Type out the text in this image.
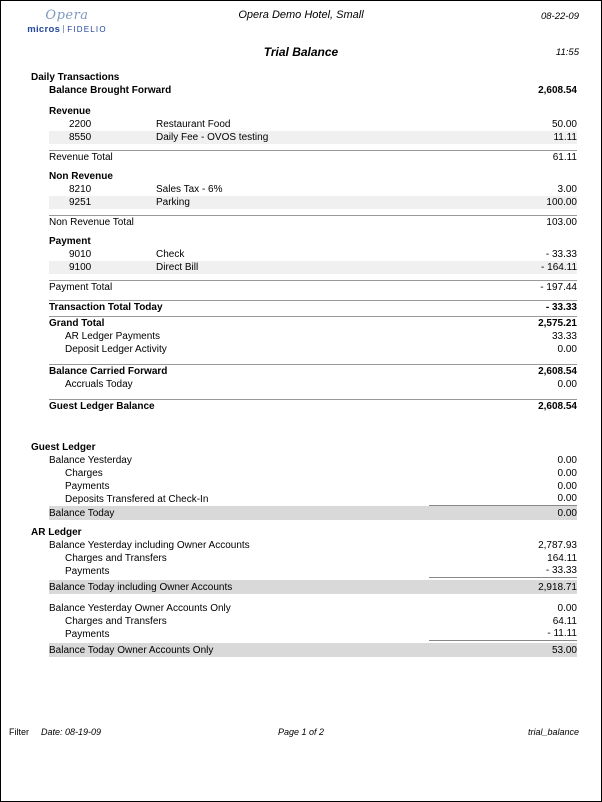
Opera
micros FIDELIO
Opera Demo Hotel, Small	08-22-09
Trial Balance	11:55
Daily Transactions
Balance Brought Forward	2,608.54
Revenue
2200	Restaurant Food	50.00
8550	Daily Fee - OVOS testing	11.11
Revenue Total	61.11
Non Revenue
8210	Sales Tax - 6%	3.00
9251	Parking	100.00
Non Revenue Total	103.00
Payment
9010	Check	- 33.33
9100	Direct Bill	- 164.11
Payment Total	- 197.44
Transaction Total Today	- 33.33
Grand Total	2,575.21
AR Ledger Payments	33.33
Deposit Ledger Activity	0.00
Balance Carried Forward	2,608.54
Accruals Today	0.00
Guest Ledger Balance	2,608.54
Guest Ledger
Balance Yesterday	0.00
Charges	0.00
Payments	0.00
Deposits Transfered at Check-In	0.00
Balance Today	0.00
AR Ledger
Balance Yesterday including Owner Accounts	2,787.93
Charges and Transfers	164.11
Payments	- 33.33
Balance Today including Owner Accounts	2,918.71
Balance Yesterday Owner Accounts Only	0.00
Charges and Transfers	64.11
Payments	- 11.11
Balance Today Owner Accounts Only	53.00
Filter Date: 08-19-09	Page 1 of 2	trial_balance
